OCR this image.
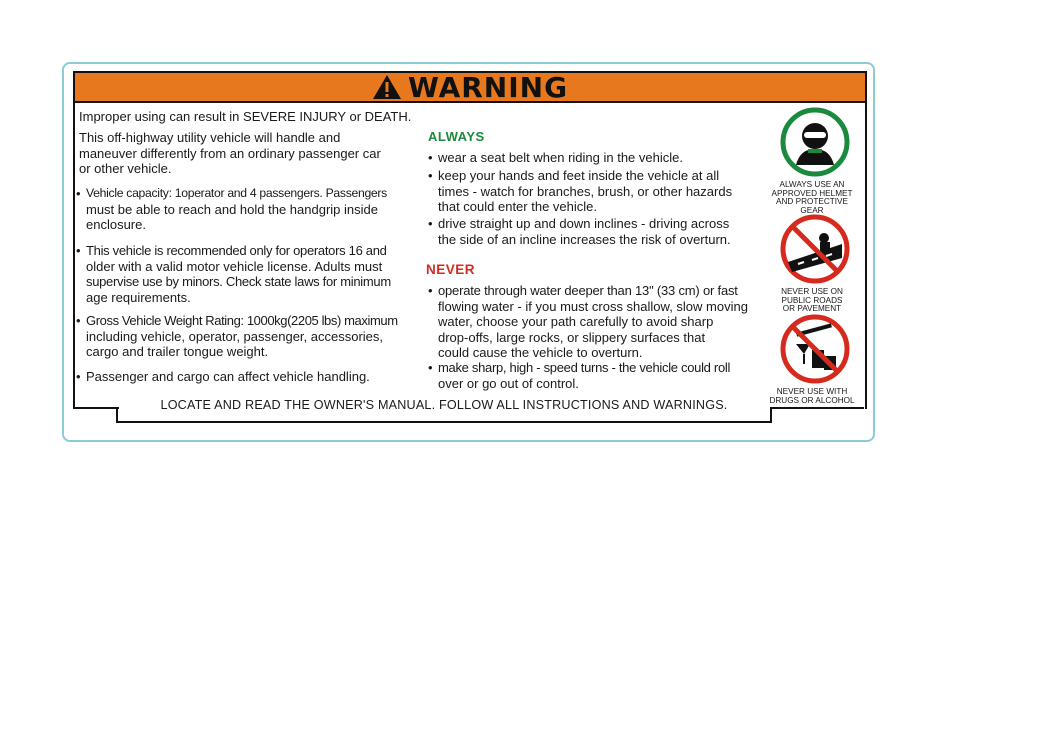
WARNING
Improper using can result in SEVERE INJURY or DEATH.
This off-highway utility vehicle will handle and
maneuver differently from an ordinary passenger car
or other vehicle.
• Vehicle capacity: 1operator and 4 passengers. Passengers
must be able to reach and hold the handgrip inside
enclosure.
• This vehicle is recommended only for operators 16 and
older with a valid motor vehicle license. Adults must
supervise use by minors. Check state laws for minimum
age requirements.
• Gross Vehicle Weight Rating: 1000kg(2205 lbs) maximum
including vehicle, operator, passenger, accessories,
cargo and trailer tongue weight.
• Passenger and cargo can affect vehicle handling.
ALWAYS
• wear a seat belt when riding in the vehicle.
• keep your hands and feet inside the vehicle at all
times - watch for branches, brush, or other hazards
that could enter the vehicle.
• drive straight up and down inclines - driving across
the side of an incline increases the risk of overturn.
NEVER
• operate through water deeper than 13" (33 cm) or fast
flowing water - if you must cross shallow, slow moving
water, choose your path carefully to avoid sharp
drop-offs, large rocks, or slippery surfaces that
could cause the vehicle to overturn.
• make sharp, high - speed turns - the vehicle could roll
over or go out of control.
ALWAYS USE AN
APPROVED HELMET
AND PROTECTIVE
GEAR
NEVER USE ON
PUBLIC ROADS
OR PAVEMENT
NEVER USE WITH
DRUGS OR ALCOHOL
LOCATE AND READ THE OWNER'S MANUAL. FOLLOW ALL INSTRUCTIONS AND WARNINGS.
